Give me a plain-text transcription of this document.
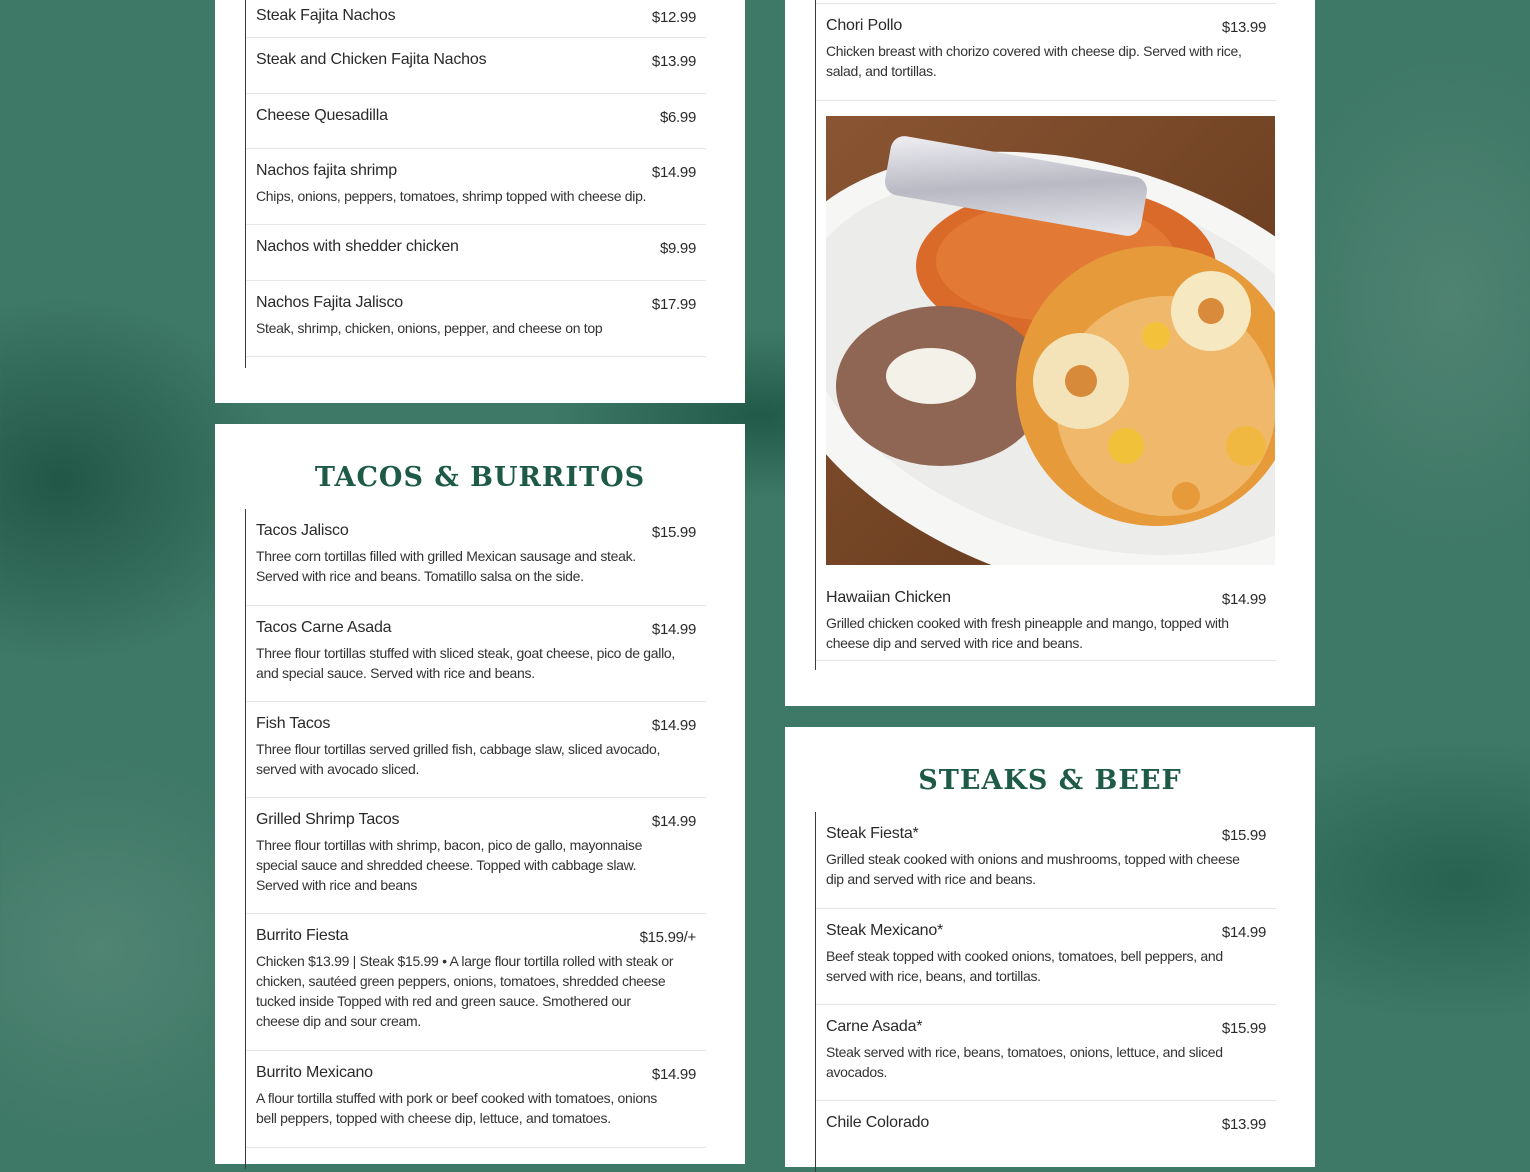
Steak Fajita Nachos	$12.99
Steak and Chicken Fajita Nachos	$13.99
Cheese Quesadilla	$6.99
Nachos fajita shrimp	$14.99
Chips, onions, peppers, tomatoes, shrimp topped with cheese dip.
Nachos with shedder chicken	$9.99
Nachos Fajita Jalisco	$17.99
Steak, shrimp, chicken, onions, pepper, and cheese on top
TACOS & BURRITOS
Tacos Jalisco	$15.99
Three corn tortillas filled with grilled Mexican sausage and steak. Served with rice and beans. Tomatillo salsa on the side.
Tacos Carne Asada	$14.99
Three flour tortillas stuffed with sliced steak, goat cheese, pico de gallo, and special sauce. Served with rice and beans.
Fish Tacos	$14.99
Three flour tortillas served grilled fish, cabbage slaw, sliced avocado, served with avocado sliced.
Grilled Shrimp Tacos	$14.99
Three flour tortillas with shrimp, bacon, pico de gallo, mayonnaise special sauce and shredded cheese. Topped with cabbage slaw. Served with rice and beans
Burrito Fiesta	$15.99/+
Chicken $13.99 | Steak $15.99 • A large flour tortilla rolled with steak or chicken, sautéed green peppers, onions, tomatoes, shredded cheese tucked inside Topped with red and green sauce. Smothered our cheese dip and sour cream.
Burrito Mexicano	$14.99
A flour tortilla stuffed with pork or beef cooked with tomatoes, onions bell peppers, topped with cheese dip, lettuce, and tomatoes.
Chori Pollo	$13.99
Chicken breast with chorizo covered with cheese dip. Served with rice, salad, and tortillas.
Hawaiian Chicken	$14.99
Grilled chicken cooked with fresh pineapple and mango, topped with cheese dip and served with rice and beans.
STEAKS & BEEF
Steak Fiesta*	$15.99
Grilled steak cooked with onions and mushrooms, topped with cheese dip and served with rice and beans.
Steak Mexicano*	$14.99
Beef steak topped with cooked onions, tomatoes, bell peppers, and served with rice, beans, and tortillas.
Carne Asada*	$15.99
Steak served with rice, beans, tomatoes, onions, lettuce, and sliced avocados.
Chile Colorado	$13.99
